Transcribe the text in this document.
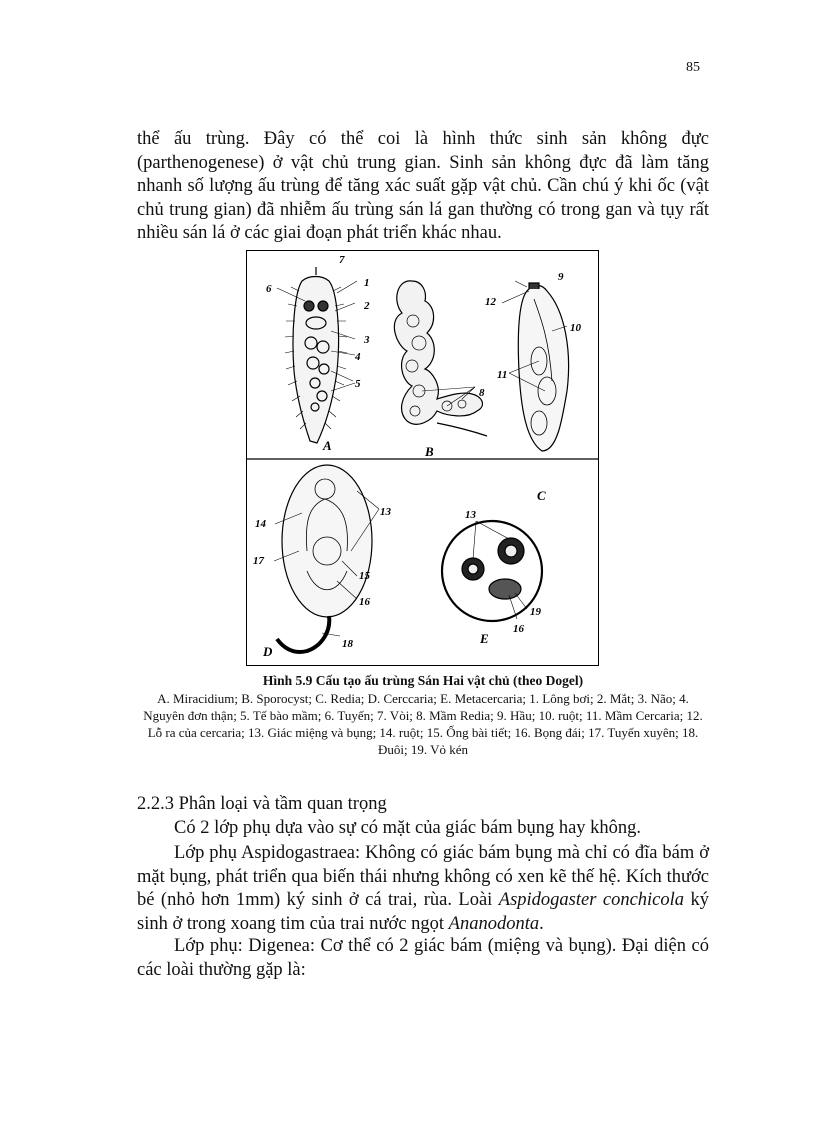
85

thể ấu trùng. Đây có thể coi là hình thức sinh sản không đực (parthenogenese) ở vật chủ trung gian. Sinh sản không đực đã làm tăng nhanh số lượng ấu trùng để tăng xác suất gặp vật chủ. Cần chú ý khi ốc (vật chủ trung gian) đã nhiễm ấu trùng sán lá gan thường có trong gan và tụy rất nhiều sán lá ở các giai đoạn phát triển khác nhau.

1
2
3
4
5
6
7
8
9
10
11
12
13	13
14
15
16
16
17
18
19
A	B
C
D
E
Hình 5.9 Cấu tạo ấu trùng Sán Hai vật chủ (theo Dogel)

A. Miracidium; B. Sporocyst; C. Redia; D. Cerccaria; E. Metacercaria; 1. Lông bơi; 2. Mắt; 3. Não; 4. Nguyên đơn thận; 5. Tế bào mầm; 6. Tuyến; 7. Vòi; 8. Mầm Redia; 9. Hầu; 10. ruột; 11. Mầm Cercaria; 12. Lỗ ra của cercaria; 13. Giác miệng và bụng; 14. ruột; 15. Ống bài tiết; 16. Bọng đái; 17. Tuyến xuyên; 18. Đuôi; 19. Vỏ kén

2.2.3 Phân loại và tầm quan trọng

Có 2 lớp phụ dựa vào sự có mặt của giác bám bụng hay không.

Lớp phụ Aspidogastraea: Không có giác bám bụng mà chỉ có đĩa bám ở mặt bụng, phát triển qua biến thái nhưng không có xen kẽ thế hệ. Kích thước bé (nhỏ hơn 1mm) ký sinh ở cá trai, rùa. Loài Aspidogaster conchicola ký sinh ở trong xoang tim của trai nước ngọt Ananodonta.

Lớp phụ: Digenea: Cơ thể có 2 giác bám (miệng và bụng). Đại diện có các loài thường gặp là:
